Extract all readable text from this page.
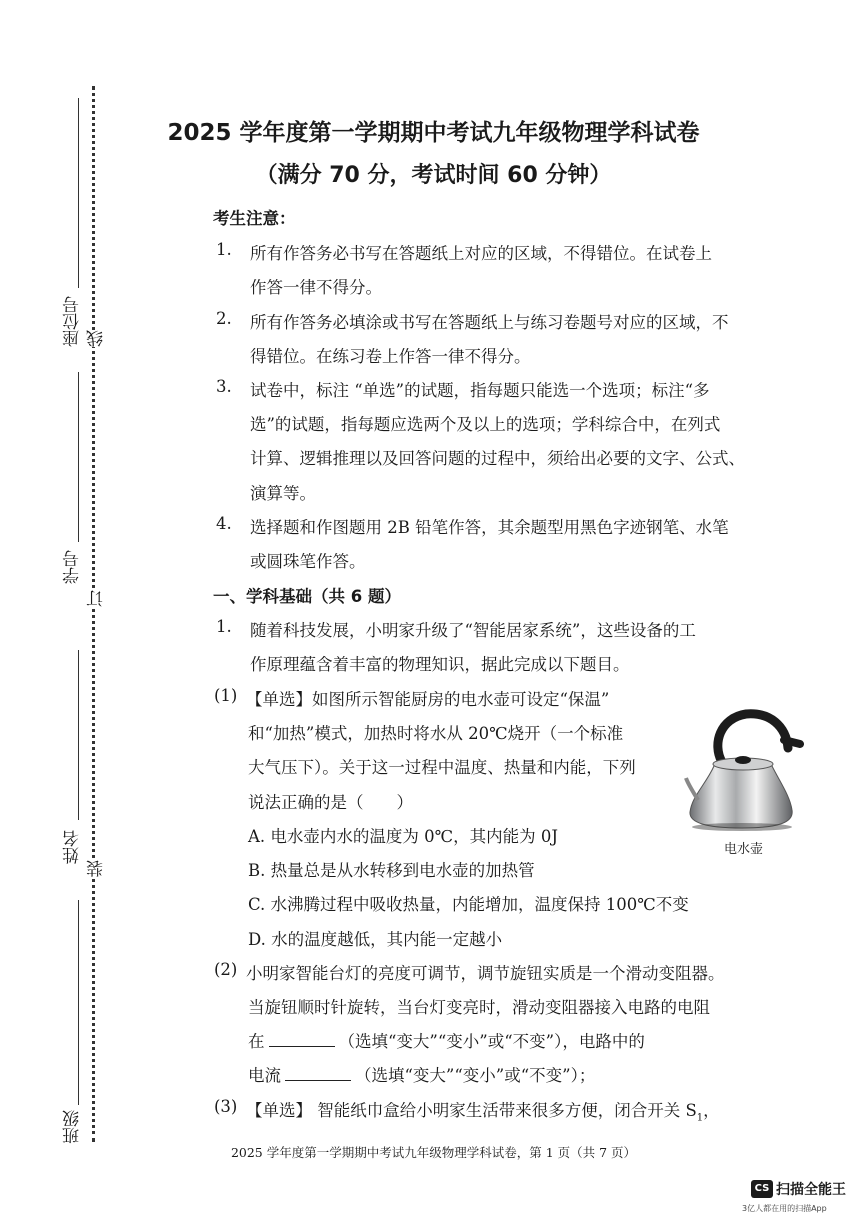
座位号
学号
姓名
班级
线
订
装
2025 学年度第一学期期中考试九年级物理学科试卷
（满分 70 分，考试时间 60 分钟）
考生注意：
1. 所有作答务必书写在答题纸上对应的区域，不得错位。在试卷上
作答一律不得分。
2. 所有作答务必填涂或书写在答题纸上与练习卷题号对应的区域，不
得错位。在练习卷上作答一律不得分。
3. 试卷中，标注 “单选”的试题，指每题只能选一个选项；标注“多
选”的试题，指每题应选两个及以上的选项；学科综合中，在列式
计算、逻辑推理以及回答问题的过程中，须给出必要的文字、公式、
演算等。
4. 选择题和作图题用 2B 铅笔作答，其余题型用黑色字迹钢笔、水笔
或圆珠笔作答。
一、学科基础（共 6 题）
1. 随着科技发展，小明家升级了“智能居家系统”，这些设备的工
作原理蕴含着丰富的物理知识，据此完成以下题目。
(1) 【单选】如图所示智能厨房的电水壶可设定“保温”
和“加热”模式，加热时将水从 20℃烧开（一个标准
大气压下）。关于这一过程中温度、热量和内能，下列
说法正确的是（　　）
A. 电水壶内水的温度为 0℃，其内能为 0J
B. 热量总是从水转移到电水壶的加热管
C. 水沸腾过程中吸收热量，内能增加，温度保持 100℃不变
D. 水的温度越低，其内能一定越小
电水壶
(2) 小明家智能台灯的亮度可调节，调节旋钮实质是一个滑动变阻器。
当旋钮顺时针旋转，当台灯变亮时，滑动变阻器接入电路的电阻
在	（选填“变大”“变小”或“不变”），电路中的
电流	（选填“变大”“变小”或“不变”）；
(3) 【单选】 智能纸巾盒给小明家生活带来很多方便，闭合开关 $S_1$，
2025 学年度第一学期期中考试九年级物理学科试卷，第 1 页（共 7 页）
CS 扫描全能王
3亿人都在用的扫描App
